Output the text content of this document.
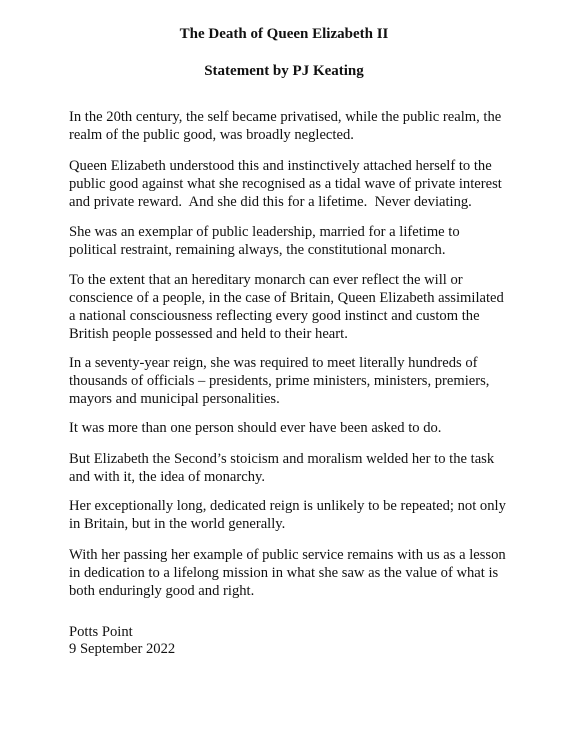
The Death of Queen Elizabeth II
Statement by PJ Keating

In the 20th century, the self became privatised, while the public realm, the realm of the public good, was broadly neglected.

Queen Elizabeth understood this and instinctively attached herself to the public good against what she recognised as a tidal wave of private interest and private reward.  And she did this for a lifetime.  Never deviating.

She was an exemplar of public leadership, married for a lifetime to political restraint, remaining always, the constitutional monarch.

To the extent that an hereditary monarch can ever reflect the will or conscience of a people, in the case of Britain, Queen Elizabeth assimilated a national consciousness reflecting every good instinct and custom the British people possessed and held to their heart.

In a seventy-year reign, she was required to meet literally hundreds of thousands of officials – presidents, prime ministers, ministers, premiers, mayors and municipal personalities.

It was more than one person should ever have been asked to do.

But Elizabeth the Second’s stoicism and moralism welded her to the task and with it, the idea of monarchy.

Her exceptionally long, dedicated reign is unlikely to be repeated; not only in Britain, but in the world generally.

With her passing her example of public service remains with us as a lesson in dedication to a lifelong mission in what she saw as the value of what is both enduringly good and right.

Potts Point

9 September 2022
